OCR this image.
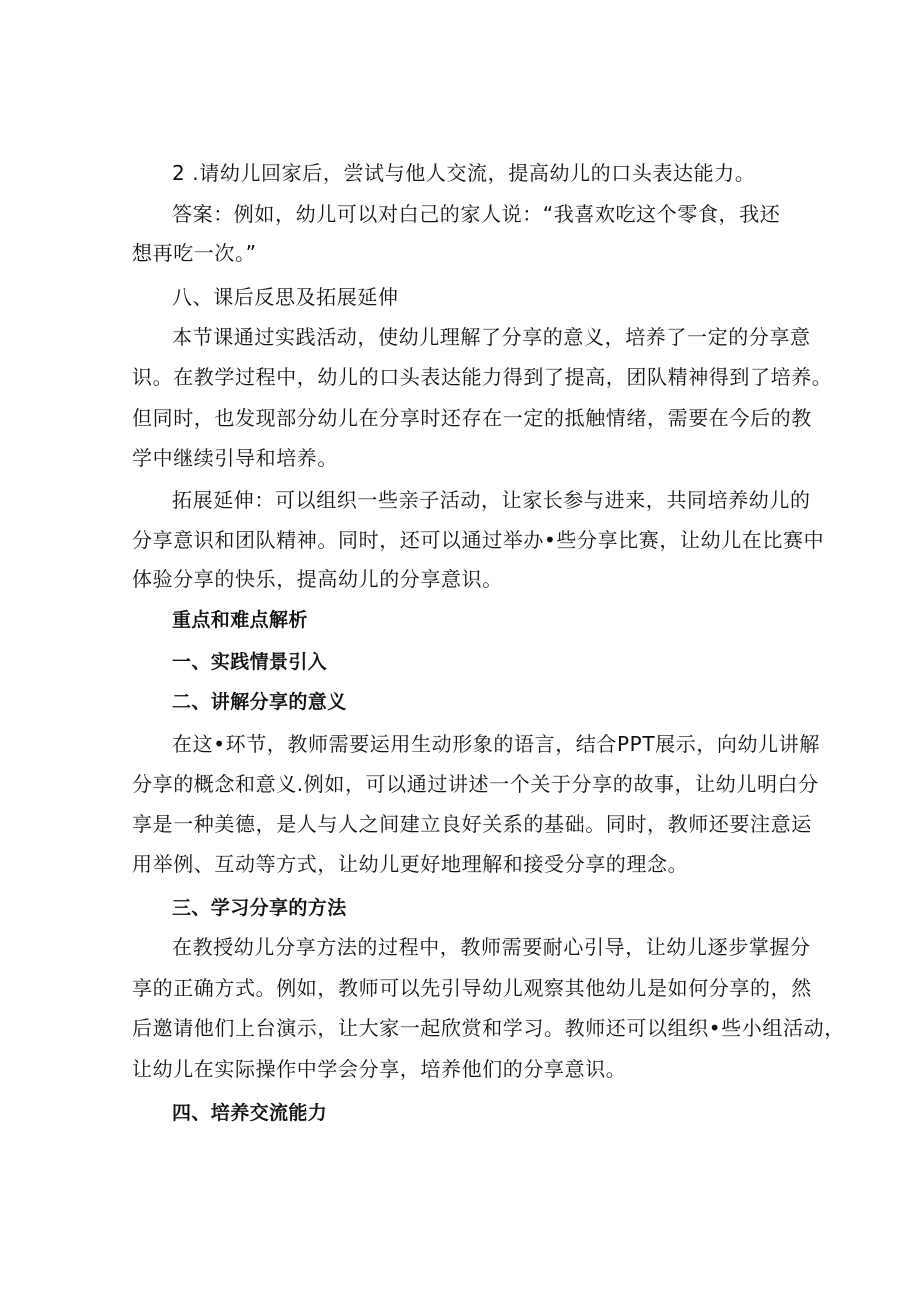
2 .请幼儿回家后，尝试与他人交流，提高幼儿的口头表达能力。
答案：例如，幼儿可以对白己的家人说：“我喜欢吃这个零食，我还
想再吃一次。”
八、课后反思及拓展延伸
本节课通过实践活动，使幼儿理解了分享的意义，培养了一定的分享意
识。在教学过程中，幼儿的口头表达能力得到了提高，团队精神得到了培养。
但同时，也发现部分幼儿在分享时还存在一定的抵触情绪，需要在今后的教
学中继续引导和培养。
拓展延伸：可以组织一些亲子活动，让家长参与进来，共同培养幼儿的
分享意识和团队精神。同时，还可以通过举办•些分享比赛，让幼儿在比赛中
体验分享的快乐，提高幼儿的分享意识。
重点和难点解析
一、实践情景引入
二、讲解分享的意义
在这•环节，教师需要运用生动形象的语言，结合PPT展示，向幼儿讲解
分享的概念和意义.例如，可以通过讲述一个关于分享的故事，让幼儿明白分
享是一种美德，是人与人之间建立良好关系的基础。同时，教师还要注意运
用举例、互动等方式，让幼儿更好地理解和接受分享的理念。
三、学习分享的方法
在教授幼儿分享方法的过程中，教师需要耐心引导，让幼儿逐步掌握分
享的正确方式。例如，教师可以先引导幼儿观察其他幼儿是如何分享的，然
后邀请他们上台演示，让大家一起欣赏和学习。教师还可以组织•些小组活动，
让幼儿在实际操作中学会分享，培养他们的分享意识。
四、培养交流能力
